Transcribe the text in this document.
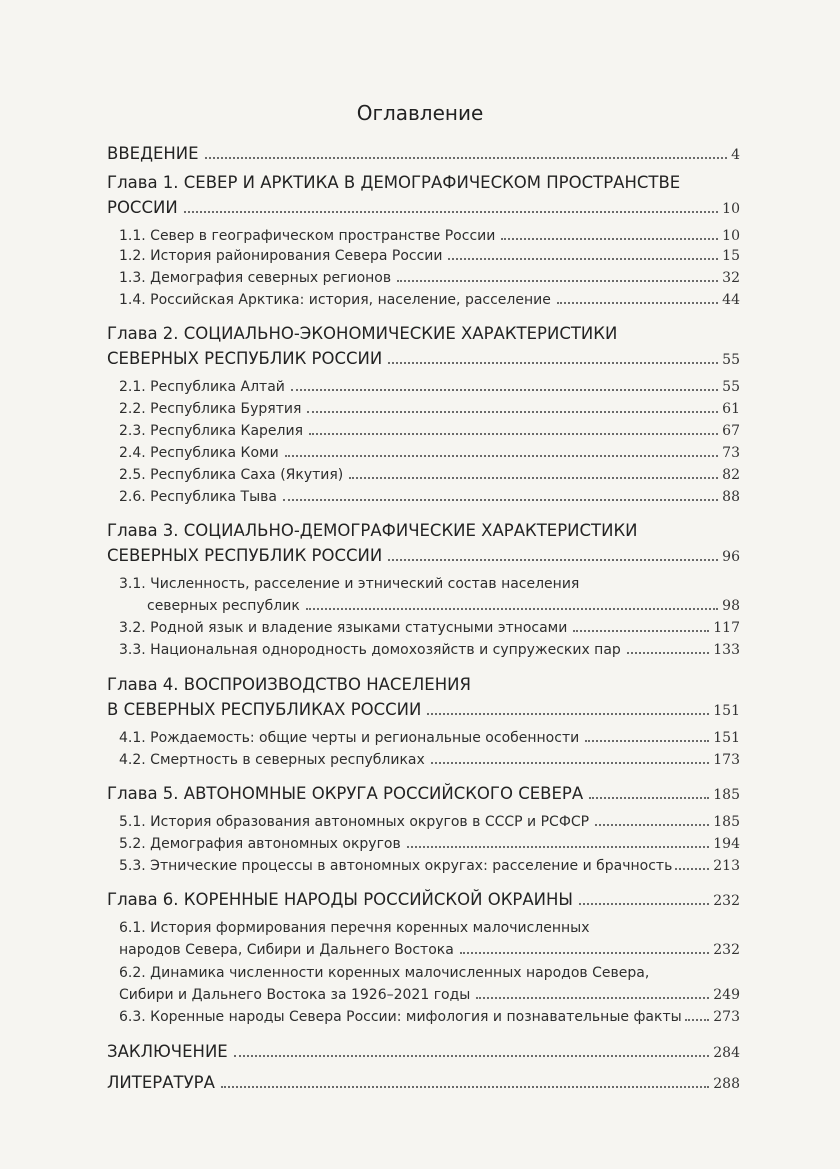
Оглавление
ВВЕДЕНИЕ	4
Глава 1. СЕВЕР И АРКТИКА В ДЕМОГРАФИЧЕСКОМ ПРОСТРАНСТВЕ
РОССИИ	10
1.1. Север в географическом пространстве России	10
1.2. История районирования Севера России	15
1.3. Демография северных регионов	32
1.4. Российская Арктика: история, население, расселение	44
Глава 2. СОЦИАЛЬНО-ЭКОНОМИЧЕСКИЕ ХАРАКТЕРИСТИКИ
СЕВЕРНЫХ РЕСПУБЛИК РОССИИ	55
2.1. Республика Алтай	55
2.2. Республика Бурятия	61
2.3. Республика Карелия	67
2.4. Республика Коми	73
2.5. Республика Саха (Якутия)	82
2.6. Республика Тыва	88
Глава 3. СОЦИАЛЬНО-ДЕМОГРАФИЧЕСКИЕ ХАРАКТЕРИСТИКИ
СЕВЕРНЫХ РЕСПУБЛИК РОССИИ	96
3.1. Численность, расселение и этнический состав населения
северных республик	98
3.2. Родной язык и владение языками статусными этносами	117
3.3. Национальная однородность домохозяйств и супружеских пар	133
Глава 4. ВОСПРОИЗВОДСТВО НАСЕЛЕНИЯ
В СЕВЕРНЫХ РЕСПУБЛИКАХ РОССИИ	151
4.1. Рождаемость: общие черты и региональные особенности	151
4.2. Смертность в северных республиках	173
Глава 5. АВТОНОМНЫЕ ОКРУГА РОССИЙСКОГО СЕВЕРА	185
5.1. История образования автономных округов в СССР и РСФСР	185
5.2. Демография автономных округов	194
5.3. Этнические процессы в автономных округах: расселение и брачность	213
Глава 6. КОРЕННЫЕ НАРОДЫ РОССИЙСКОЙ ОКРАИНЫ	232
6.1. История формирования перечня коренных малочисленных
народов Севера, Сибири и Дальнего Востока	232
6.2. Динамика численности коренных малочисленных народов Севера,
Сибири и Дальнего Востока за 1926–2021 годы	249
6.3. Коренные народы Севера России: мифология и познавательные факты 273
ЗАКЛЮЧЕНИЕ	284
ЛИТЕРАТУРА	288
